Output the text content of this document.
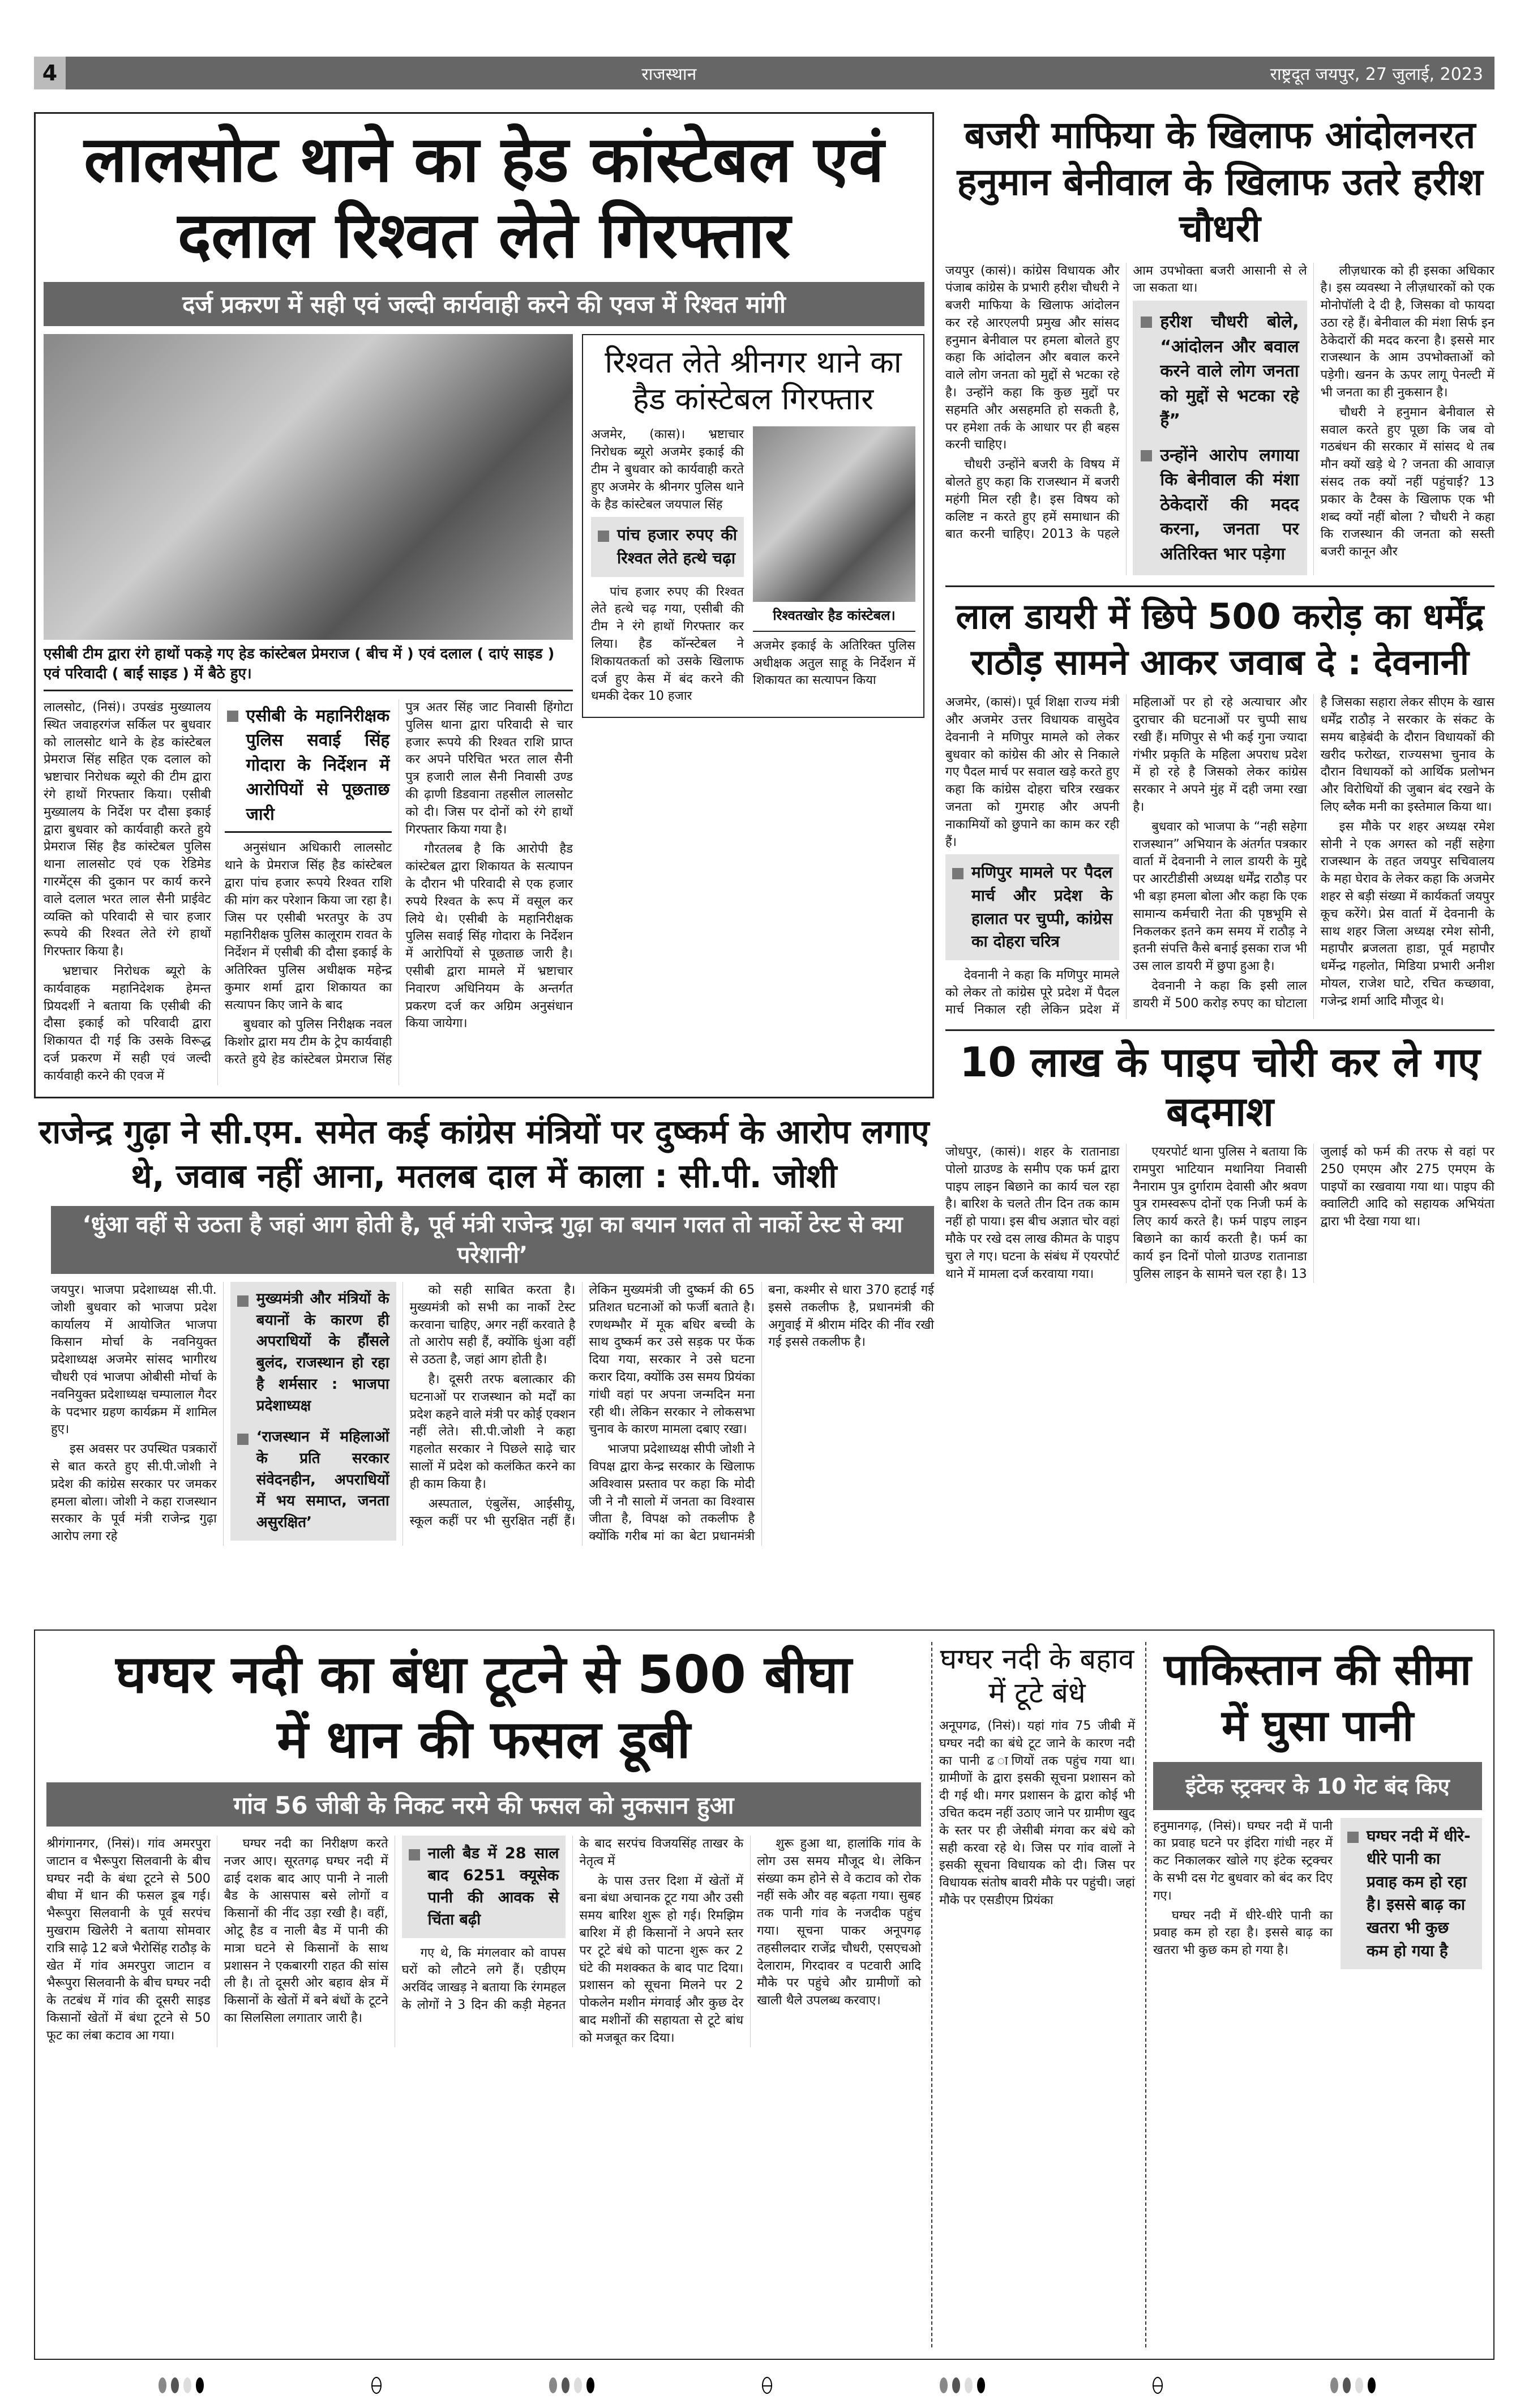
4	राजस्थान	राष्ट्रदूत जयपुर, 27 जुलाई, 2023
लालसोट थाने का हेड कांस्टेबल एवं दलाल रिश्वत लेते गिरफ्तार
दर्ज प्रकरण में सही एवं जल्दी कार्यवाही करने की एवज में रिश्वत मांगी
एसीबी टीम द्वारा रंगे हाथों पकड़े गए हेड कांस्टेबल प्रेमराज ( बीच में ) एवं दलाल ( दाएं साइड ) एवं परिवादी ( बाईं साइड ) में बैठे हुए।

लालसोट, (निसं)। उपखंड मुख्यालय स्थित जवाहरगंज सर्किल पर बुधवार को लालसोट थाने के हेड कांस्टेबल प्रेमराज सिंह सहित एक दलाल को भ्रष्टाचार निरोधक ब्यूरो की टीम द्वारा रंगे हाथों गिरफ्तार किया। एसीबी मुख्यालय के निर्देश पर दौसा इकाई द्वारा बुधवार को कार्यवाही करते हुये प्रेमराज सिंह हैड कांस्टेबल पुलिस थाना लालसोट एवं एक रेडिमेड गारमेंट्स की दुकान पर कार्य करने वाले दलाल भरत लाल सैनी प्राईवेट व्यक्ति को परिवादी से चार हजार रूपये की रिश्वत लेते रंगे हाथों गिरफ्तार किया है।

भ्रष्टाचार निरोधक ब्यूरो के कार्यवाहक महानिदेशक हेमन्त प्रियदर्शी ने बताया कि एसीबी की दौसा इकाई को परिवादी द्वारा शिकायत दी गई कि उसके विरूद्ध दर्ज प्रकरण में सही एवं जल्दी कार्यवाही करने की एवज में

एसीबी के महानिरीक्षक पुलिस सवाई सिंह गोदारा के निर्देशन में आरोपियों से पूछताछ जारी

अनुसंधान अधिकारी लालसोट थाने के प्रेमराज सिंह हैड कांस्टेबल द्वारा पांच हजार रूपये रिश्वत राशि की मांग कर परेशान किया जा रहा है। जिस पर एसीबी भरतपुर के उप महानिरीक्षक पुलिस कालूराम रावत के निर्देशन में एसीबी की दौसा इकाई के अतिरिक्त पुलिस अधीक्षक महेन्द्र कुमार शर्मा द्वारा शिकायत का सत्यापन किए जाने के बाद

बुधवार को पुलिस निरीक्षक नवल किशोर द्वारा मय टीम के ट्रेप कार्यवाही करते हुये हेड कांस्टेबल प्रेमराज सिंह पुत्र अतर सिंह जाट निवासी हिंगोटा पुलिस थाना द्वारा परिवादी से चार हजार रूपये की रिश्वत राशि प्राप्त कर अपने परिचित भरत लाल सैनी पुत्र हजारी लाल सैनी निवासी उण्ड की ढ़ाणी डिडवाना तहसील लालसोट को दी। जिस पर दोनों को रंगे हाथों गिरफ्तार किया गया है।

गौरतलब है कि आरोपी हैड कांस्टेबल द्वारा शिकायत के सत्यापन के दौरान भी परिवादी से एक हजार रुपये रिश्वत के रूप में वसूल कर लिये थे। एसीबी के महानिरीक्षक पुलिस सवाई सिंह गोदारा के निर्देशन में आरोपियों से पूछताछ जारी है। एसीबी द्वारा मामले में भ्रष्टाचार निवारण अधिनियम के अन्तर्गत प्रकरण दर्ज कर अग्रिम अनुसंधान किया जायेगा।

रिश्वत लेते श्रीनगर थाने का हैड कांस्टेबल गिरफ्तार

अजमेर, (कास)। भ्रष्टाचार निरोधक ब्यूरो अजमेर इकाई की टीम ने बुधवार को कार्यवाही करते हुए अजमेर के श्रीनगर पुलिस थाने के हैड कांस्टेबल जयपाल सिंह

पांच हजार रुपए की रिश्वत लेते हत्थे चढ़ा

पांच हजार रुपए की रिश्वत लेते हत्थे चढ़ गया, एसीबी की टीम ने रंगे हाथों गिरफ्तार कर लिया। हैड कॉन्स्टेबल ने शिकायतकर्ता को उसके खिलाफ दर्ज हुए केस में बंद करने की धमकी देकर 10 हजार

रिश्वतखोर हैड कांस्टेबल।

अजमेर इकाई के अतिरिक्त पुलिस अधीक्षक अतुल साहू के निर्देशन में शिकायत का सत्यापन किया

राजेन्द्र गुढ़ा ने सी.एम. समेत कई कांग्रेस मंत्रियों पर दुष्कर्म के आरोप लगाए थे, जवाब नहीं आना, मतलब दाल में काला : सी.पी. जोशी
‘धुंआ वहीं से उठता है जहां आग होती है, पूर्व मंत्री राजेन्द्र गुढ़ा का बयान गलत तो नार्को टेस्ट से क्या परेशानी’

जयपुर। भाजपा प्रदेशाध्यक्ष सी.पी. जोशी बुधवार को भाजपा प्रदेश कार्यालय में आयोजित भाजपा किसान मोर्चा के नवनियुक्त प्रदेशाध्यक्ष अजमेर सांसद भागीरथ चौधरी एवं भाजपा ओबीसी मोर्चा के नवनियुक्त प्रदेशाध्यक्ष चम्पालाल गैदर के पदभार ग्रहण कार्यक्रम में शामिल हुए।

इस अवसर पर उपस्थित पत्रकारों से बात करते हुए सी.पी.जोशी ने प्रदेश की कांग्रेस सरकार पर जमकर हमला बोला। जोशी ने कहा राजस्थान सरकार के पूर्व मंत्री राजेन्द्र गुढ़ा आरोप लगा रहे

मुख्यमंत्री और मंत्रियों के बयानों के कारण ही अपराधियों के हौंसले बुलंद, राजस्थान हो रहा है शर्मसार : भाजपा प्रदेशाध्यक्ष
‘राजस्थान में महिलाओं के प्रति सरकार संवेदनहीन, अपराधियों में भय समाप्त, जनता असुरक्षित’

को सही साबित करता है। मुख्यमंत्री को सभी का नार्को टेस्ट करवाना चाहिए, अगर नहीं करवाते है तो आरोप सही हैं, क्योंकि धुंआ वहीं से उठता है, जहां आग होती है।

है। दूसरी तरफ बलात्कार की घटनाओं पर राजस्थान को मर्दों का प्रदेश कहने वाले मंत्री पर कोई एक्शन नहीं लेते। सी.पी.जोशी ने कहा गहलोत सरकार ने पिछले साढ़े चार सालों में प्रदेश को कलंकित करने का ही काम किया है।

अस्पताल, एंबुलेंस, आईसीयू, स्कूल कहीं पर भी सुरक्षित नहीं हैं। लेकिन मुख्यमंत्री जी दुष्कर्म की 65 प्रतिशत घटनाओं को फर्जी बताते है। रणथम्भौर में मूक बधिर बच्ची के साथ दुष्कर्म कर उसे सड़क पर फेंक दिया गया, सरकार ने उसे घटना करार दिया, क्योंकि उस समय प्रियंका गांधी वहां पर अपना जन्मदिन मना रही थी। लेकिन सरकार ने लोकसभा चुनाव के कारण मामला दबाए रखा।

भाजपा प्रदेशाध्यक्ष सीपी जोशी ने विपक्ष द्वारा केन्द्र सरकार के खिलाफ अविश्वास प्रस्ताव पर कहा कि मोदी जी ने नौ सालो में जनता का विश्वास जीता है, विपक्ष को तकलीफ है क्योंकि गरीब मां का बेटा प्रधानमंत्री बना, कश्मीर से धारा 370 हटाई गई इससे तकलीफ है, प्रधानमंत्री की अगुवाई में श्रीराम मंदिर की नींव रखी गई इससे तकलीफ है।

बजरी माफिया के खिलाफ आंदोलनरत हनुमान बेनीवाल के खिलाफ उतरे हरीश चौधरी

जयपुर (कासं)। कांग्रेस विधायक और पंजाब कांग्रेस के प्रभारी हरीश चौधरी ने बजरी माफिया के खिलाफ आंदोलन कर रहे आरएलपी प्रमुख और सांसद हनुमान बेनीवाल पर हमला बोलते हुए कहा कि आंदोलन और बवाल करने वाले लोग जनता को मुद्दों से भटका रहे है। उन्होंने कहा कि कुछ मुद्दों पर सहमति और असहमति हो सकती है, पर हमेशा तर्क के आधार पर ही बहस करनी चाहिए।

चौधरी उन्होंने बजरी के विषय में बोलते हुए कहा कि राजस्थान में बजरी महंगी मिल रही है। इस विषय को कलिष्ट न करते हुए हमें समाधान की बात करनी चाहिए। 2013 के पहले आम उपभोक्ता बजरी आसानी से ले जा सकता था।

हरीश चौधरी बोले, “आंदोलन और बवाल करने वाले लोग जनता को मुद्दों से भटका रहे हैं”
उन्होंने आरोप लगाया कि बेनीवाल की मंशा ठेकेदारों की मदद करना, जनता पर अतिरिक्त भार पड़ेगा

लीज़धारक को ही इसका अधिकार है। इस व्यवस्था ने लीज़धारकों को एक मोनोपॉली दे दी है, जिसका वो फायदा उठा रहे हैं। बेनीवाल की मंशा सिर्फ इन ठेकेदारों की मदद करना है। इससे मार राजस्थान के आम उपभोक्ताओं को पड़ेगी। खनन के ऊपर लागू पेनल्टी में भी जनता का ही नुकसान है।

चौधरी ने हनुमान बेनीवाल से सवाल करते हुए पूछा कि जब वो गठबंधन की सरकार में सांसद थे तब मौन क्यों खड़े थे ? जनता की आवाज़ संसद तक क्यों नहीं पहुंचाई? 13 प्रकार के टैक्स के खिलाफ एक भी शब्द क्यों नहीं बोला ? चौधरी ने कहा कि राजस्थान की जनता को सस्ती बजरी कानून और

लाल डायरी में छिपे 500 करोड़ का धर्मेंद्र राठौड़ सामने आकर जवाब दे : देवनानी

अजमेर, (कासं)। पूर्व शिक्षा राज्य मंत्री और अजमेर उत्तर विधायक वासुदेव देवनानी ने मणिपुर मामले को लेकर बुधवार को कांग्रेस की ओर से निकाले गए पैदल मार्च पर सवाल खड़े करते हुए कहा कि कांग्रेस दोहरा चरित्र रखकर जनता को गुमराह और अपनी नाकामियों को छुपाने का काम कर रही हैं।

मणिपुर मामले पर पैदल मार्च और प्रदेश के हालात पर चुप्पी, कांग्रेस का दोहरा चरित्र

देवनानी ने कहा कि मणिपुर मामले को लेकर तो कांग्रेस पूरे प्रदेश में पैदल मार्च निकाल रही लेकिन प्रदेश में महिलाओं पर हो रहे अत्याचार और दुराचार की घटनाओं पर चुप्पी साध रखी हैं। मणिपुर से भी कई गुना ज्यादा गंभीर प्रकृति के महिला अपराध प्रदेश में हो रहे है जिसको लेकर कांग्रेस सरकार ने अपने मुंह में दही जमा रखा है।

बुधवार को भाजपा के “नही सहेगा राजस्थान” अभियान के अंतर्गत पत्रकार वार्ता में देवनानी ने लाल डायरी के मुद्दे पर आरटीडीसी अध्यक्ष धर्मेंद्र राठौड़ पर भी बड़ा हमला बोला और कहा कि एक सामान्य कर्मचारी नेता की पृष्ठभूमि से निकलकर इतने कम समय में राठौड़ ने इतनी संपत्ति कैसे बनाई इसका राज भी उस लाल डायरी में छुपा हुआ है।

देवनानी ने कहा कि इसी लाल डायरी में 500 करोड़ रुपए का घोटाला है जिसका सहारा लेकर सीएम के खास धर्मेंद्र राठौड़ ने सरकार के संकट के समय बाड़ेबंदी के दौरान विधायकों की खरीद फरोख्त, राज्यसभा चुनाव के दौरान विधायकों को आर्थिक प्रलोभन और विरोधियों की जुबान बंद रखने के लिए ब्लैक मनी का इस्तेमाल किया था।

इस मौके पर शहर अध्यक्ष रमेश सोनी ने एक अगस्त को नहीं सहेगा राजस्थान के तहत जयपुर सचिवालय के महा घेराव के लेकर कहा कि अजमेर शहर से बड़ी संख्या में कार्यकर्ता जयपुर कूच करेंगे। प्रेस वार्ता में देवनानी के साथ शहर जिला अध्यक्ष रमेश सोनी, महापौर ब्रजलता हाडा, पूर्व महापौर धर्मेन्द्र गहलोत, मिडिया प्रभारी अनीश मोयल, राजेश घाटे, रचित कच्छावा, गजेन्द्र शर्मा आदि मौजूद थे।

10 लाख के पाइप चोरी कर ले गए बदमाश

जोधपुर, (कासं)। शहर के रातानाडा पोलो ग्राउण्ड के समीप एक फर्म द्वारा पाइप लाइन बिछाने का कार्य चल रहा है। बारिश के चलते तीन दिन तक काम नहीं हो पाया। इस बीच अज्ञात चोर वहां मौके पर रखे दस लाख कीमत के पाइप चुरा ले गए। घटना के संबंध में एयरपोर्ट थाने में मामला दर्ज करवाया गया।

एयरपोर्ट थाना पुलिस ने बताया कि रामपुरा भाटियान मथानिया निवासी नैनाराम पुत्र दुर्गाराम देवासी और श्रवण पुत्र रामस्वरूप दोनों एक निजी फर्म के लिए कार्य करते है। फर्म पाइप लाइन बिछाने का कार्य करती है। फर्म का कार्य इन दिनों पोलो ग्राउण्ड रातानाडा पुलिस लाइन के सामने चल रहा है। 13 जुलाई को फर्म की तरफ से वहां पर 250 एमएम और 275 एमएम के पाइपों का रखवाया गया था। पाइप की क्वालिटी आदि को सहायक अभियंता द्वारा भी देखा गया था।

घग्घर नदी का बंधा टूटने से 500 बीघा में धान की फसल डूबी
गांव 56 जीबी के निकट नरमे की फसल को नुकसान हुआ

श्रीगंगानगर, (निसं)। गांव अमरपुरा जाटान व भैरूपुरा सिलवानी के बीच घग्घर नदी के बंधा टूटने से 500 बीघा में धान की फसल डूब गई। भैरूपुरा सिलवानी के पूर्व सरपंच मुखराम खिलेरी ने बताया सोमवार रात्रि साढ़े 12 बजे भैरोसिंह राठौड़ के खेत में गांव अमरपुरा जाटान व भैरूपुरा सिलवानी के बीच घग्घर नदी के तटबंध में गांव की दूसरी साइड किसानों खेतों में बंधा टूटने से 50 फूट का लंबा कटाव आ गया।

घग्घर नदी का निरीक्षण करते नजर आए। सूरतगढ़ घग्घर नदी में ढाई दशक बाद आए पानी ने नाली बैड के आसपास बसे लोगों व किसानों की नींद उड़ा रखी है। वहीं, ओटू हैड व नाली बैड में पानी की मात्रा घटने से किसानों के साथ प्रशासन ने एकबारगी राहत की सांस ली है। तो दूसरी ओर बहाव क्षेत्र में किसानों के खेतों में बने बंधों के टूटने का सिलसिला लगातार जारी है।

नाली बैड में 28 साल बाद 6251 क्यूसेक पानी की आवक से चिंता बढ़ी

गए थे, कि मंगलवार को वापस घरों को लौटने लगे हैं। एडीएम अरविंद जाखड़ ने बताया कि रंगमहल के लोगों ने 3 दिन की कड़ी मेहनत के बाद सरपंच विजयसिंह ताखर के नेतृत्व में

के पास उत्तर दिशा में खेतों में बना बंधा अचानक टूट गया और उसी समय बारिश शुरू हो गई। रिमझिम बारिश में ही किसानों ने अपने स्तर पर टूटे बंधे को पाटना शुरू कर 2 घंटे की मशक्कत के बाद पाट दिया। प्रशासन को सूचना मिलने पर 2 पोकलेन मशीन मंगवाई और कुछ देर बाद मशीनों की सहायता से टूटे बांध को मजबूत कर दिया।

शुरू हुआ था, हालांकि गांव के लोग उस समय मौजूद थे। लेकिन संख्या कम होने से वे कटाव को रोक नहीं सके और वह बढ़ता गया। सुबह तक पानी गांव के नजदीक पहुंच गया। सूचना पाकर अनूपगढ़ तहसीलदार राजेंद्र चौधरी, एसएचओ देलाराम, गिरदावर व पटवारी आदि मौके पर पहुंचे और ग्रामीणों को खाली थैले उपलब्ध करवाए।

घग्घर नदी के बहाव में टूटे बंधे

अनूपगढ, (निसं)। यहां गांव 75 जीबी में घग्घर नदी का बंधे टूट जाने के कारण नदी का पानी ढ ाणियों तक पहुंच गया था। ग्रामीणों के द्वारा इसकी सूचना प्रशासन को दी गई थी। मगर प्रशासन के द्वारा कोई भी उचित कदम नहीं उठाए जाने पर ग्रामीण खुद के स्तर पर ही जेसीबी मंगवा कर बंधे को सही करवा रहे थे। जिस पर गांव वालों ने इसकी सूचना विधायक को दी। जिस पर विधायक संतोष बावरी मौके पर पहुंची। जहां मौके पर एसडीएम प्रियंका

पाकिस्तान की सीमा में घुसा पानी
इंटेक स्ट्रक्चर के 10 गेट बंद किए

हनुमानगढ़, (निसं)। घग्घर नदी में पानी का प्रवाह घटने पर इंदिरा गांधी नहर में कट निकालकर खोले गए इंटेक स्ट्रक्चर के सभी दस गेट बुधवार को बंद कर दिए गए।

घग्घर नदी में धीरे-धीरे पानी का प्रवाह कम हो रहा है। इससे बाढ़ का खतरा भी कुछ कम हो गया है।

घग्घर नदी में धीरे-धीरे पानी का प्रवाह कम हो रहा है। इससे बाढ़ का खतरा भी कुछ कम हो गया है
